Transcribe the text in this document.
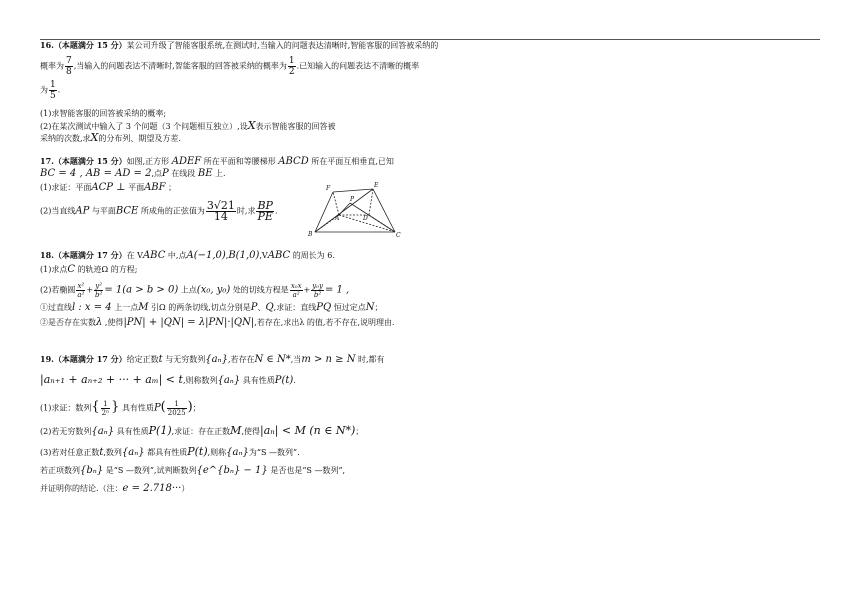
16.（本题满分 15 分）某公司升级了智能客服系统,在测试时,当输入的问题表达清晰时,智能客服的回答被采纳的
概率为 $\frac{7}{8}$ ,当输入的问题表达不清晰时,智能客服的回答被采纳的概率为 $\frac{1}{2}$ .已知输入的问题表达不清晰的概率
为 $\frac{1}{5}$ .
(1)求智能客服的回答被采纳的概率;
(2)在某次测试中输入了 3 个问题（3 个问题相互独立）,设X表示智能客服的回答被
采纳的次数,求X的分布列、期望及方差.
17.（本题满分 15 分）如图,正方形 ADEF 所在平面和等腰梯形 ABCD 所在平面互相垂直,已知
BC = 4 , AB = AD = 2,点P 在线段 BE 上.
(1)求证：平面ACP ⊥ 平面ABF ；
(2)当直线AP 与平面BCE 所成角的正弦值为 $\frac{3√21}{14}$ 时,求 $\frac{BP}{PE}$ .
F	E
P
A	D
B	C
18.（本题满分 17 分）在 VABC 中,点A(−1,0),B(1,0),VABC 的周长为 6.
(1)求点C 的轨迹Ω 的方程;
(2)若椭圆 $\frac{\text{x²}}{\text{a²}} + \frac{\text{y²}}{\text{b²}} = 1(a > b > 0)$ 上点(x₀, y₀) 处的切线方程是 $\frac{\text{x₀x}}{\text{a²}} + \frac{\text{y₀y}}{\text{b²}} = 1$ ,
①过直线l : x = 4 上一点M 引Ω 的两条切线,切点分别是P、Q,求证：直线PQ 恒过定点N；
②是否存在实数λ ,使得|PN| + |QN| = λ|PN|·|QN|,若存在,求出λ 的值,若不存在,说明理由.
19.（本题满分 17 分）给定正数t 与无穷数列{aₙ},若存在N ∈ N*,当m > n ≥ N 时,都有
|aₙ₊₁ + aₙ₊₂ + ··· + aₘ| < t,则称数列{aₙ} 具有性质P(t).
(1)求证：数列{ $\frac{1}{\text{2ⁿ}}$ } 具有性质$P( \frac{1}{2025}$ )；
(2)若无穷数列{aₙ} 具有性质P(1),求证：存在正数M,使得|aₙ| < M (n ∈ N*)；
(3)若对任意正数t,数列{aₙ} 都具有性质P(t),则称{aₙ}为“S —数列”.
若正项数列{bₙ} 是“S —数列”,试判断数列{e^{bₙ} − 1} 是否也是“S —数列”,
并证明你的结论.（注：e = 2.718···）
